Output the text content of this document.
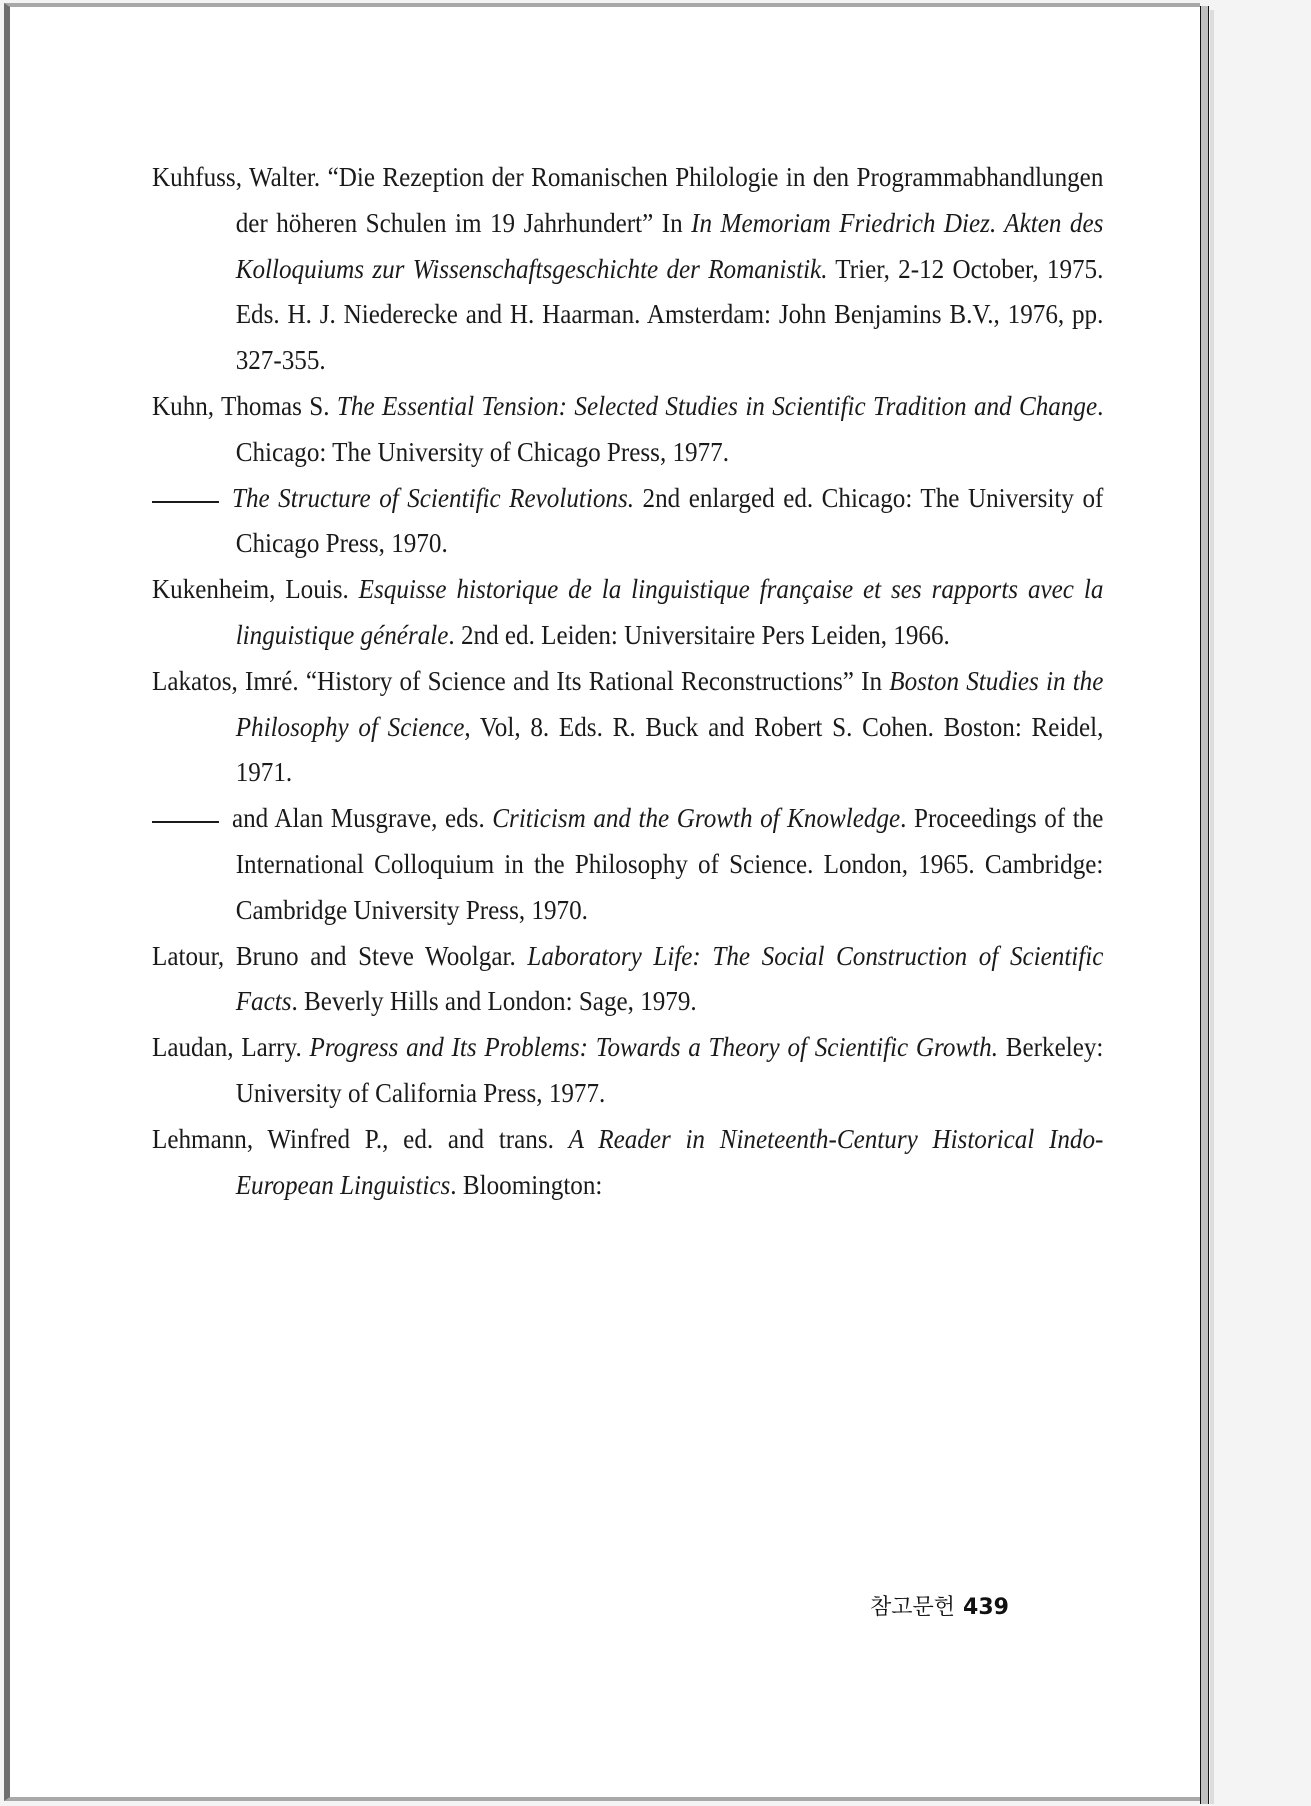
Kuhfuss, Walter. “Die Rezeption der Romanischen Philologie in den Programmabhandlungen der höheren Schulen im 19 Jahrhundert” In In Memoriam Friedrich Diez. Akten des Kolloquiums zur Wissenschaftsgeschichte der Romanistik. Trier, 2-12 October, 1975. Eds. H. J. Niederecke and H. Haarman. Amsterdam: John Benjamins B.V., 1976, pp. 327-355.

Kuhn, Thomas S. The Essential Tension: Selected Studies in Scientific Tradition and Change. Chicago: The University of Chicago Press, 1977.

The Structure of Scientific Revolutions. 2nd enlarged ed. Chicago: The University of Chicago Press, 1970.

Kukenheim, Louis. Esquisse historique de la linguistique française et ses rapports avec la linguistique générale. 2nd ed. Leiden: Universitaire Pers Leiden, 1966.

Lakatos, Imré. “History of Science and Its Rational Reconstructions” In Boston Studies in the Philosophy of Science, Vol, 8. Eds. R. Buck and Robert S. Cohen. Boston: Reidel, 1971.

and Alan Musgrave, eds. Criticism and the Growth of Knowledge. Proceedings of the International Colloquium in the Philosophy of Science. London, 1965. Cambridge: Cambridge University Press, 1970.

Latour, Bruno and Steve Woolgar. Laboratory Life: The Social Construction of Scientific Facts. Beverly Hills and London: Sage, 1979.

Laudan, Larry. Progress and Its Problems: Towards a Theory of Scientific Growth. Berkeley: University of California Press, 1977.

Lehmann, Winfred P., ed. and trans. A Reader in Nineteenth-Century Historical Indo-European Linguistics. Bloomington:

참고문헌 439
